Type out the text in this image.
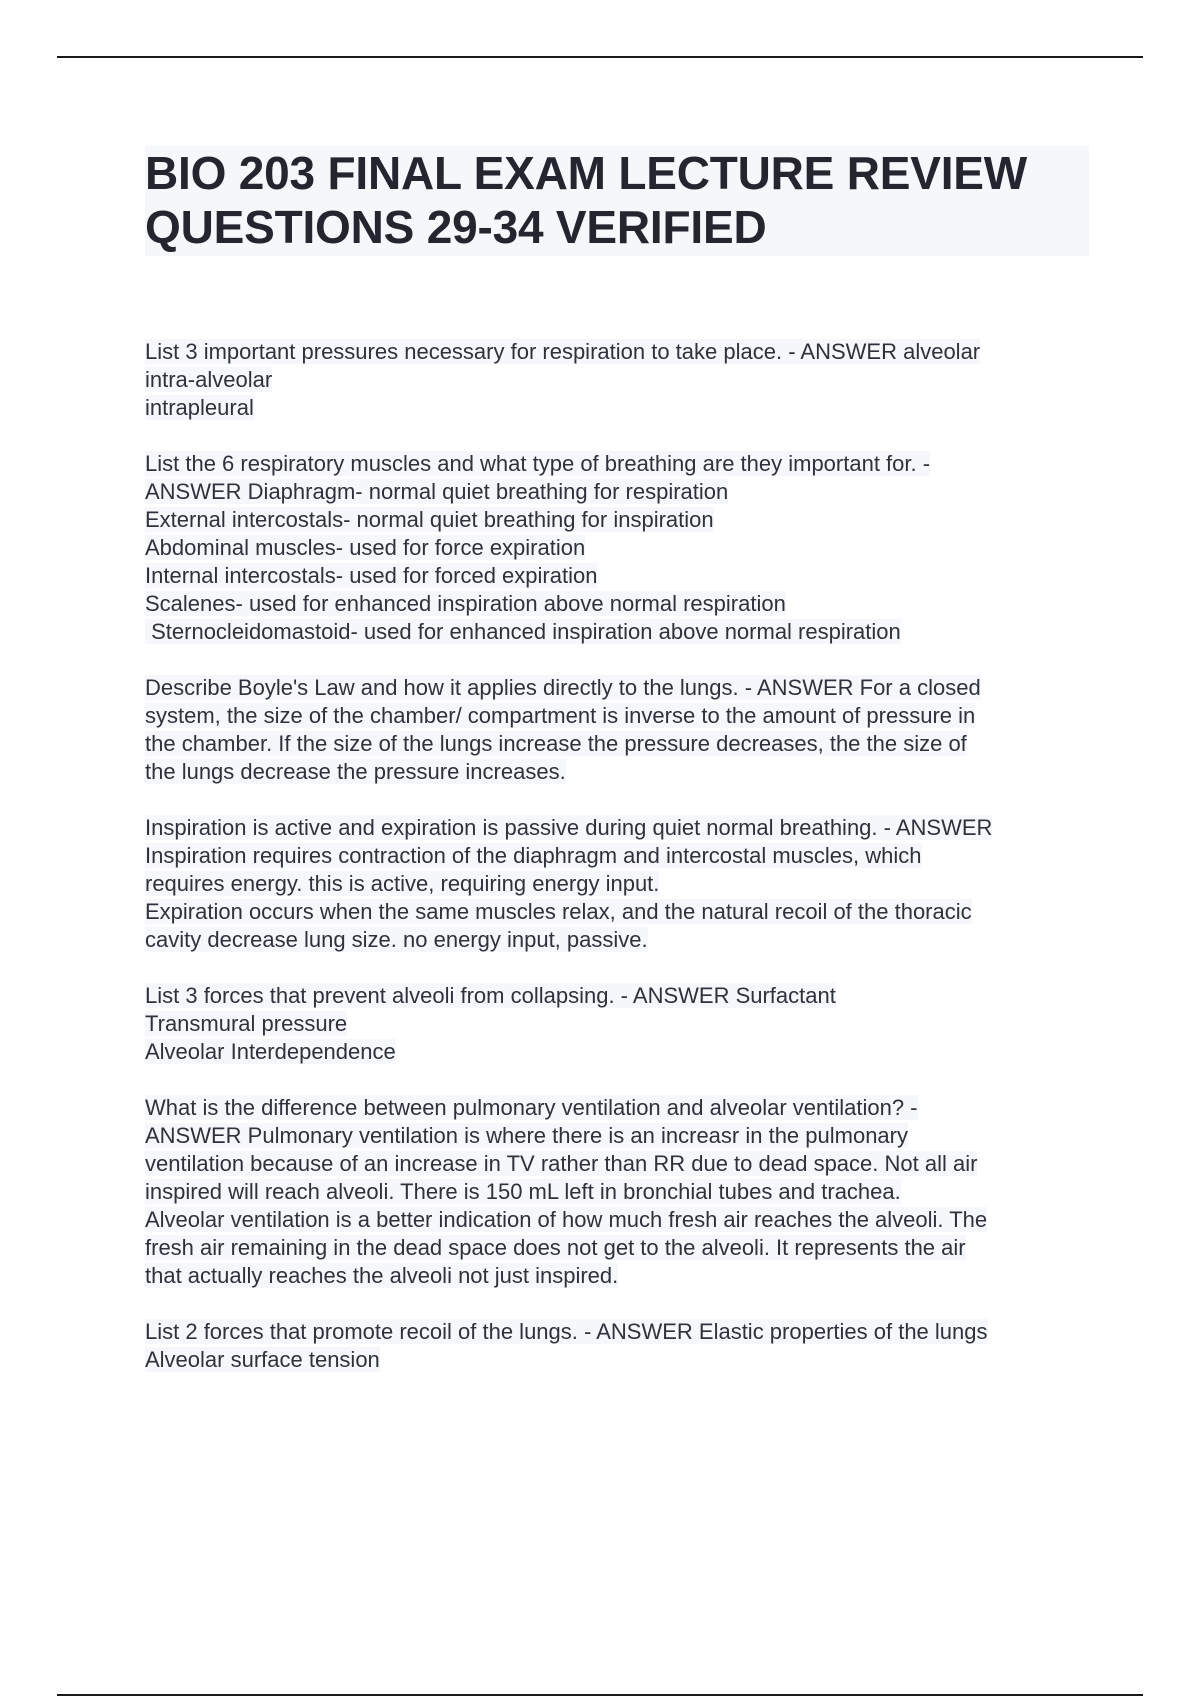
BIO 203 FINAL EXAM LECTURE REVIEW
QUESTIONS 29-34 VERIFIED
List 3 important pressures necessary for respiration to take place. - ANSWER alveolar
intra-alveolar
intrapleural
List the 6 respiratory muscles and what type of breathing are they important for. -
ANSWER Diaphragm- normal quiet breathing for respiration
External intercostals- normal quiet breathing for inspiration
Abdominal muscles- used for force expiration
Internal intercostals- used for forced expiration
Scalenes- used for enhanced inspiration above normal respiration
Sternocleidomastoid- used for enhanced inspiration above normal respiration
Describe Boyle's Law and how it applies directly to the lungs. - ANSWER For a closed
system, the size of the chamber/ compartment is inverse to the amount of pressure in
the chamber. If the size of the lungs increase the pressure decreases, the the size of
the lungs decrease the pressure increases.
Inspiration is active and expiration is passive during quiet normal breathing. - ANSWER
Inspiration requires contraction of the diaphragm and intercostal muscles, which
requires energy. this is active, requiring energy input.
Expiration occurs when the same muscles relax, and the natural recoil of the thoracic
cavity decrease lung size. no energy input, passive.
List 3 forces that prevent alveoli from collapsing. - ANSWER Surfactant
Transmural pressure
Alveolar Interdependence
What is the difference between pulmonary ventilation and alveolar ventilation? -
ANSWER Pulmonary ventilation is where there is an increasr in the pulmonary
ventilation because of an increase in TV rather than RR due to dead space. Not all air
inspired will reach alveoli. There is 150 mL left in bronchial tubes and trachea.
Alveolar ventilation is a better indication of how much fresh air reaches the alveoli. The
fresh air remaining in the dead space does not get to the alveoli. It represents the air
that actually reaches the alveoli not just inspired.
List 2 forces that promote recoil of the lungs. - ANSWER Elastic properties of the lungs
Alveolar surface tension
